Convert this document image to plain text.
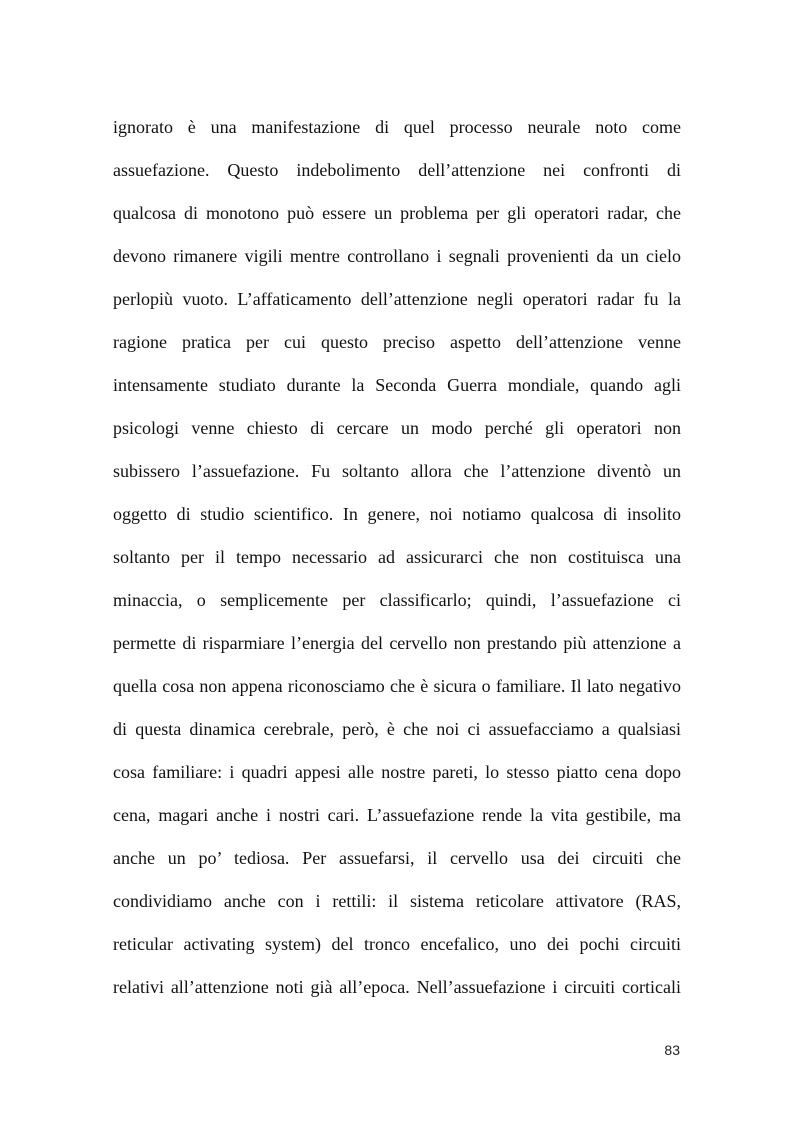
ignorato è una manifestazione di quel processo neurale noto come
assuefazione. Questo indebolimento dell’attenzione nei confronti di
qualcosa di monotono può essere un problema per gli operatori radar, che
devono rimanere vigili mentre controllano i segnali provenienti da un cielo
perlopiù vuoto. L’affaticamento dell’attenzione negli operatori radar fu la
ragione pratica per cui questo preciso aspetto dell’attenzione venne
intensamente studiato durante la Seconda Guerra mondiale, quando agli
psicologi venne chiesto di cercare un modo perché gli operatori non
subissero l’assuefazione. Fu soltanto allora che l’attenzione diventò un
oggetto di studio scientifico. In genere, noi notiamo qualcosa di insolito
soltanto per il tempo necessario ad assicurarci che non costituisca una
minaccia, o semplicemente per classificarlo; quindi, l’assuefazione ci
permette di risparmiare l’energia del cervello non prestando più attenzione a
quella cosa non appena riconosciamo che è sicura o familiare. Il lato negativo
di questa dinamica cerebrale, però, è che noi ci assuefacciamo a qualsiasi
cosa familiare: i quadri appesi alle nostre pareti, lo stesso piatto cena dopo
cena, magari anche i nostri cari. L’assuefazione rende la vita gestibile, ma
anche un po’ tediosa. Per assuefarsi, il cervello usa dei circuiti che
condividiamo anche con i rettili: il sistema reticolare attivatore (RAS,
reticular activating system) del tronco encefalico, uno dei pochi circuiti
relativi all’attenzione noti già all’epoca. Nell’assuefazione i circuiti corticali
83
